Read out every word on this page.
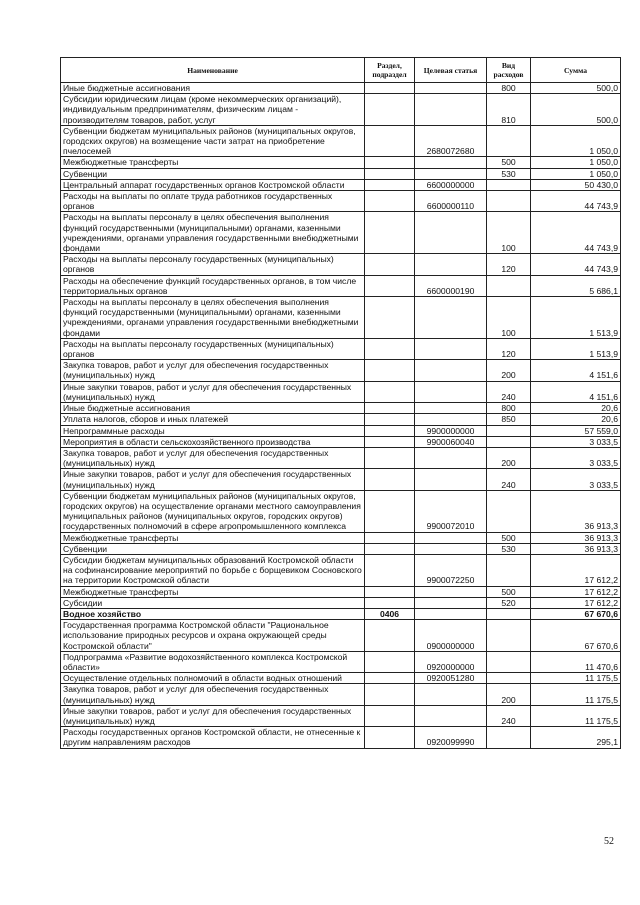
Наименование	Раздел, подраздел	Целевая статья	Вид расходов	Сумма
Иные бюджетные ассигнования			800	500,0
Субсидии юридическим лицам (кроме некоммерческих организаций), индивидуальным предпринимателям, физическим лицам - производителям товаров, работ, услуг			810	500,0
Субвенции бюджетам муниципальных районов (муниципальных округов, городских округов) на возмещение части затрат на приобретение пчелосемей		2680072680		1 050,0
Межбюджетные трансферты			500	1 050,0
Субвенции			530	1 050,0
Центральный аппарат государственных органов Костромской области		6600000000		50 430,0
Расходы на выплаты по оплате труда работников государственных органов		6600000110		44 743,9
Расходы на выплаты персоналу в целях обеспечения выполнения функций государственными (муниципальными) органами, казенными учреждениями, органами управления государственными внебюджетными фондами			100	44 743,9
Расходы на выплаты персоналу государственных (муниципальных) органов			120	44 743,9
Расходы на обеспечение функций государственных органов, в том числе территориальных органов		6600000190		5 686,1
Расходы на выплаты персоналу в целях обеспечения выполнения функций государственными (муниципальными) органами, казенными учреждениями, органами управления государственными внебюджетными фондами			100	1 513,9
Расходы на выплаты персоналу государственных (муниципальных) органов			120	1 513,9
Закупка товаров, работ и услуг для обеспечения государственных (муниципальных) нужд			200	4 151,6
Иные закупки товаров, работ и услуг для обеспечения государственных (муниципальных) нужд			240	4 151,6
Иные бюджетные ассигнования			800	20,6
Уплата налогов, сборов и иных платежей			850	20,6
Непрограммные расходы		9900000000		57 559,0
Мероприятия в области сельскохозяйственного производства		9900060040		3 033,5
Закупка товаров, работ и услуг для обеспечения государственных (муниципальных) нужд			200	3 033,5
Иные закупки товаров, работ и услуг для обеспечения государственных (муниципальных) нужд			240	3 033,5
Субвенции бюджетам муниципальных районов (муниципальных округов, городских округов) на осуществление органами местного самоуправления муниципальных районов (муниципальных округов, городских округов) государственных полномочий в сфере агропромышленного комплекса		9900072010		36 913,3
Межбюджетные трансферты			500	36 913,3
Субвенции			530	36 913,3
Субсидии бюджетам муниципальных образований Костромской области на софинансирование мероприятий по борьбе с борщевиком Сосновского на территории Костромской области		9900072250		17 612,2
Межбюджетные трансферты			500	17 612,2
Субсидии			520	17 612,2
Водное хозяйство	0406			67 670,6
Государственная программа Костромской области "Рациональное использование природных ресурсов и охрана окружающей среды Костромской области"		0900000000		67 670,6
Подпрограмма «Развитие водохозяйственного комплекса Костромской области»		0920000000		11 470,6
Осуществление отдельных полномочий в области водных отношений		0920051280		11 175,5
Закупка товаров, работ и услуг для обеспечения государственных (муниципальных) нужд			200	11 175,5
Иные закупки товаров, работ и услуг для обеспечения государственных (муниципальных) нужд			240	11 175,5
Расходы государственных органов Костромской области, не отнесенные к другим направлениям расходов		0920099990		295,1
52
